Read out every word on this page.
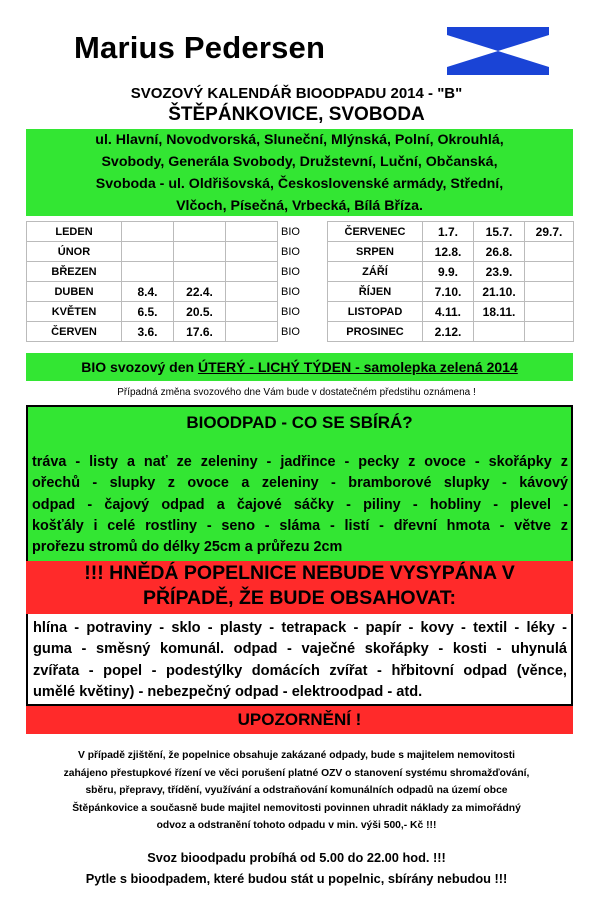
Marius Pedersen
SVOZOVÝ KALENDÁŘ BIOODPADU 2014 - "B"
ŠTĚPÁNKOVICE, SVOBODA
ul. Hlavní, Novodvorská, Sluneční, Mlýnská, Polní, Okrouhlá,
Svobody, Generála Svobody, Družstevní, Luční, Občanská,
Svoboda - ul. Oldřišovská, Československé armády, Střední,
Vlčoch, Písečná, Vrbecká, Bílá Bříza.
LEDEN				BIO	ČERVENEC	1.7.	15.7.	29.7.
ÚNOR				BIO	SRPEN	12.8.	26.8.	
BŘEZEN				BIO	ZÁŘÍ	9.9.	23.9.	
DUBEN	8.4.	22.4.		BIO	ŘÍJEN	7.10.	21.10.	
KVĚTEN	6.5.	20.5.		BIO	LISTOPAD	4.11.	18.11.	
ČERVEN	3.6.	17.6.		BIO	PROSINEC	2.12.		
BIO svozový den ÚTERÝ - LICHÝ TÝDEN - samolepka zelená 2014
Případná změna svozového dne Vám bude v dostatečném předstihu oznámena !
BIOODPAD - CO SE SBÍRÁ?
tráva - listy a nať ze zeleniny - jadřince - pecky z ovoce - skořápky z
ořechů - slupky z ovoce a zeleniny - bramborové slupky - kávový
odpad - čajový odpad a čajové sáčky - piliny - hobliny - plevel -
košťály i celé rostliny - seno - sláma - listí - dřevní hmota - větve z
prořezu stromů do délky 25cm a průřezu 2cm
!!! HNĚDÁ POPELNICE NEBUDE VYSYPÁNA V
PŘÍPADĚ, ŽE BUDE OBSAHOVAT:
hlína - potraviny - sklo - plasty - tetrapack - papír - kovy - textil - léky -
guma - směsný komunál. odpad - vaječné skořápky - kosti - uhynulá
zvířata - popel - podestýlky domácích zvířat - hřbitovní odpad (věnce,
umělé květiny) - nebezpečný odpad - elektroodpad - atd.
UPOZORNĚNÍ !
V případě zjištění, že popelnice obsahuje zakázané odpady, bude s majitelem nemovitosti
zahájeno přestupkové řízení ve věci porušení platné OZV o stanovení systému shromažďování,
sběru, přepravy, třídění, využívání a odstraňování komunálních odpadů na území obce
Štěpánkovice a současně bude majitel nemovitosti povinnen uhradit náklady za mimořádný
odvoz a odstranění tohoto odpadu v min. výši 500,- Kč !!!
Svoz bioodpadu probíhá od 5.00 do 22.00 hod. !!!
Pytle s bioodpadem, které budou stát u popelnic, sbírány nebudou !!!
